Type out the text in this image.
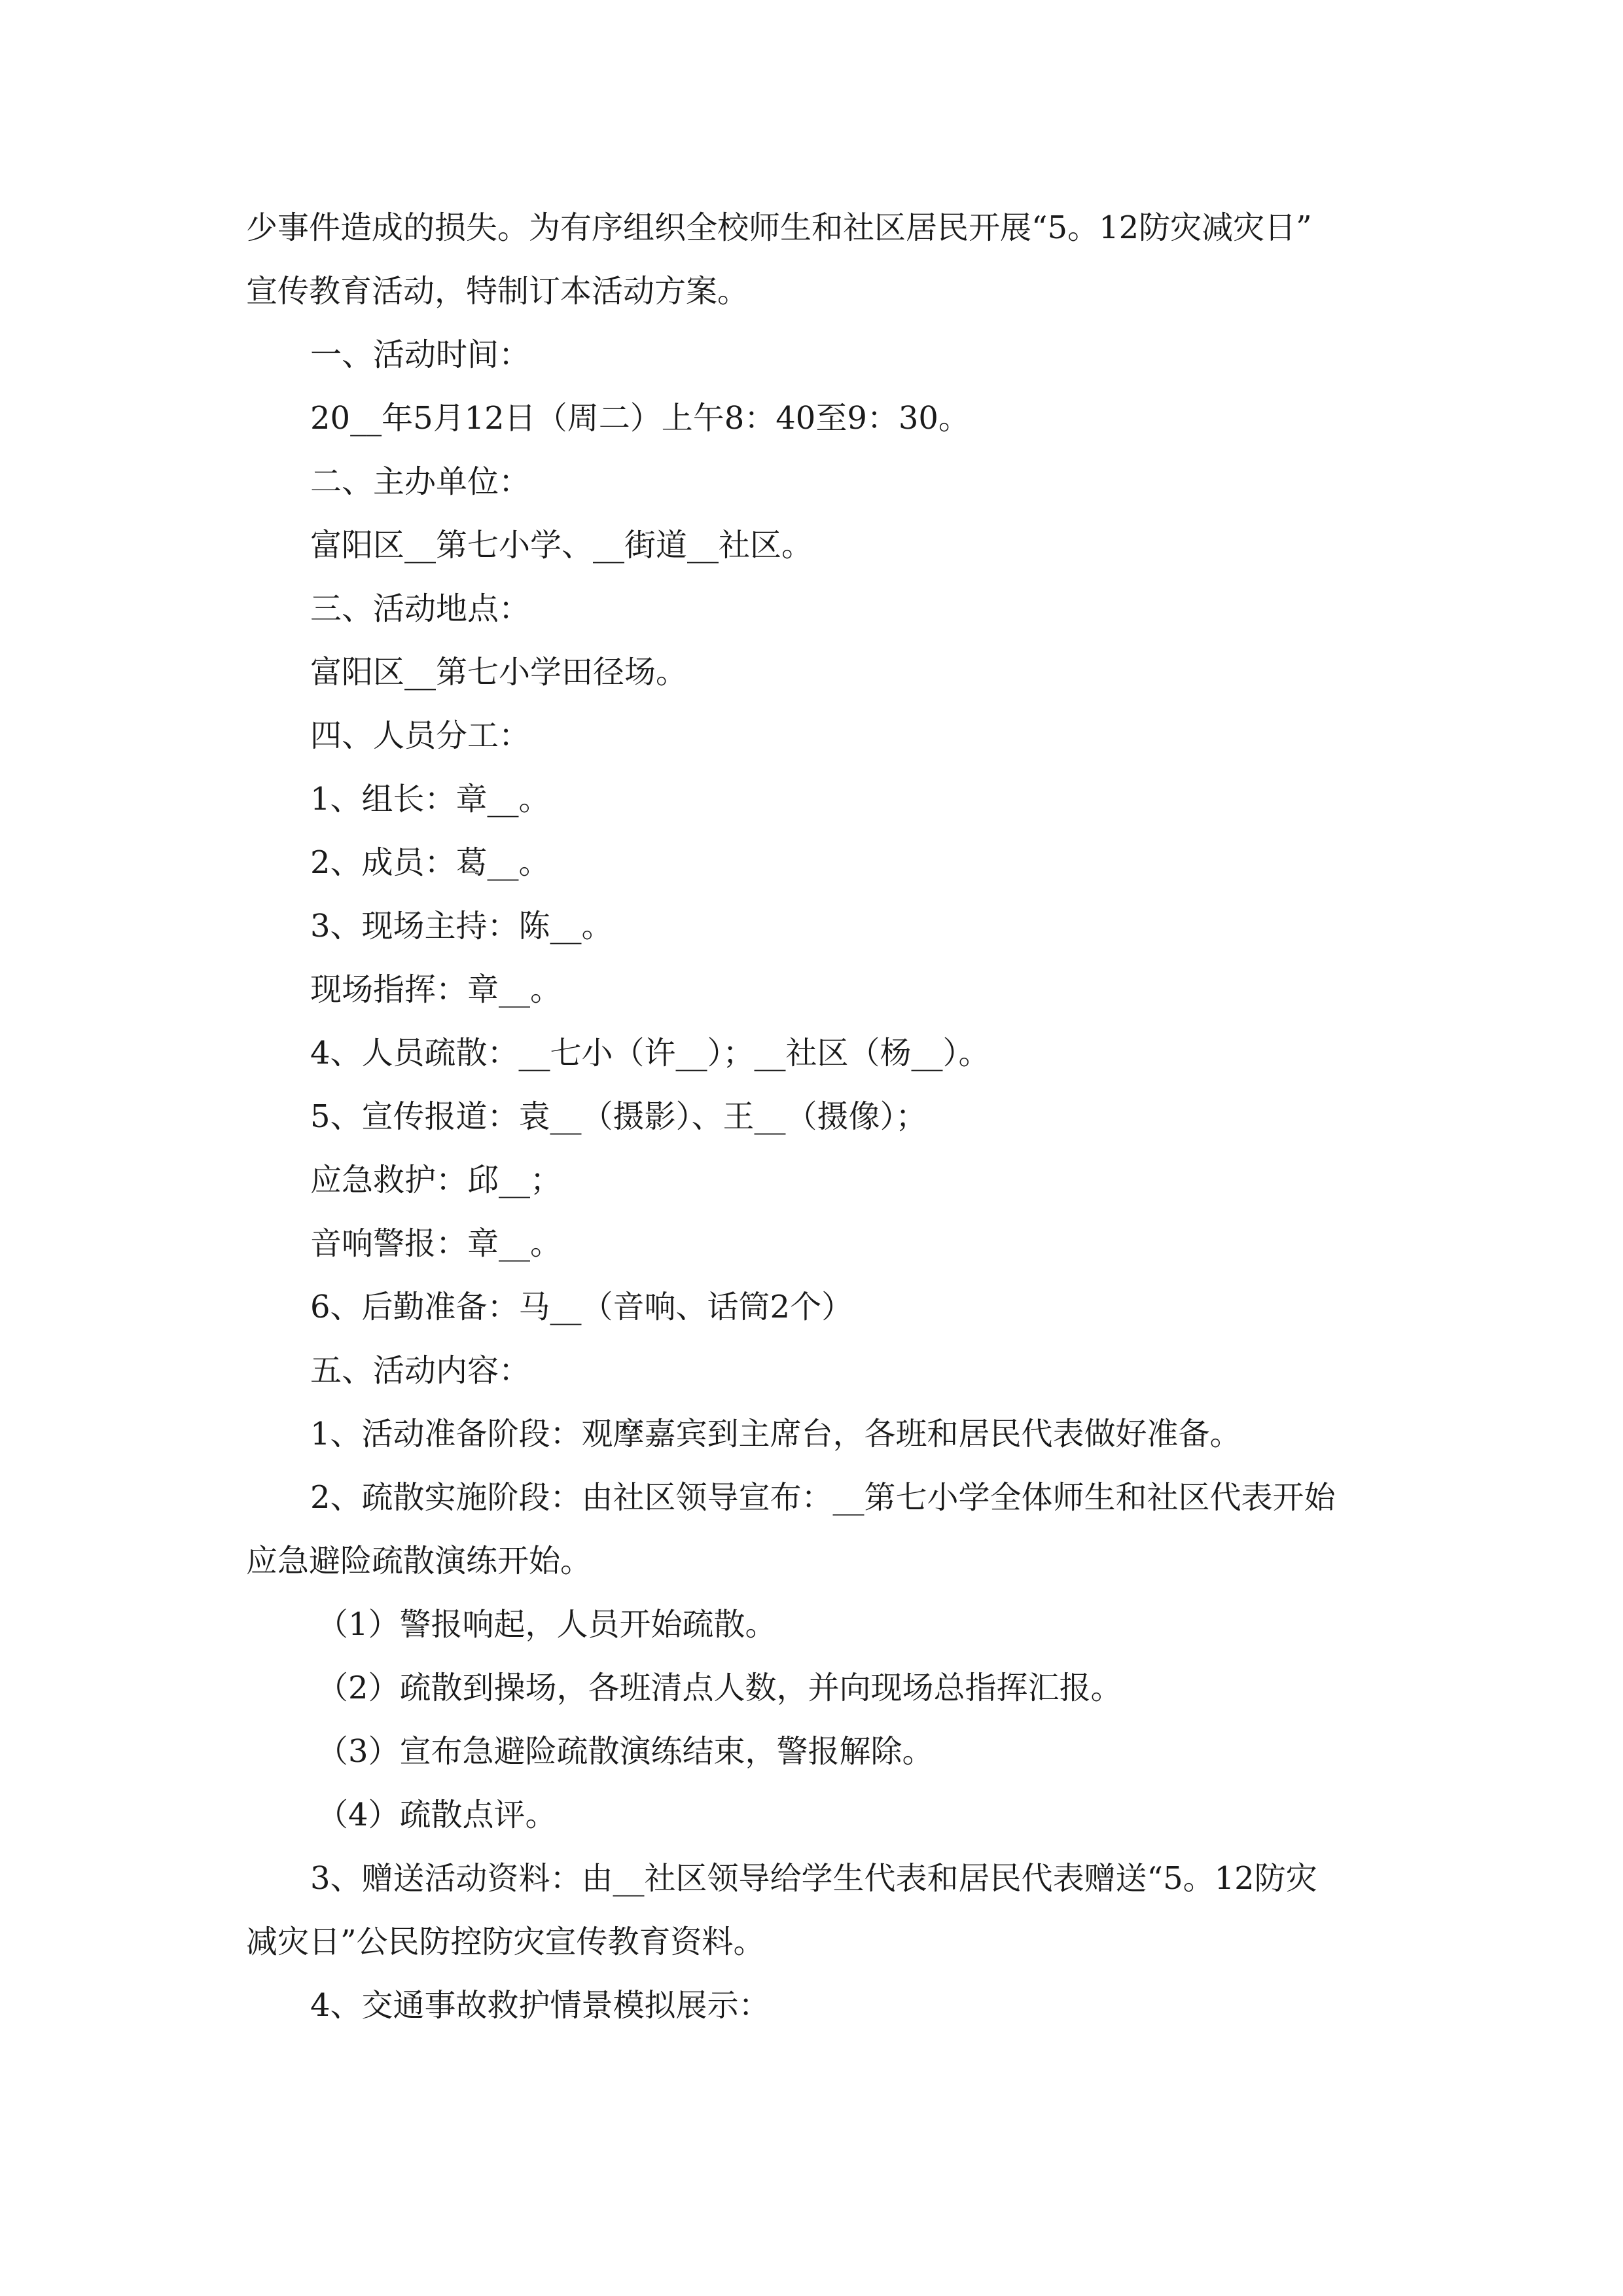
少事件造成的损失。为有序组织全校师生和社区居民开展“5。12防灾减灾日”

宣传教育活动，特制订本活动方案。

一、活动时间：

20__年5月12日（周二）上午8：40至9：30。

二、主办单位：

富阳区__第七小学、__街道__社区。

三、活动地点：

富阳区__第七小学田径场。

四、人员分工：

1、组长：章__。

2、成员：葛__。

3、现场主持：陈__。

现场指挥：章__。

4、人员疏散：__七小（许__）；__社区（杨__）。

5、宣传报道：袁__（摄影）、王__（摄像）；

应急救护：邱__；

音响警报：章__。

6、后勤准备：马__（音响、话筒2个）

五、活动内容：

1、活动准备阶段：观摩嘉宾到主席台，各班和居民代表做好准备。

2、疏散实施阶段：由社区领导宣布：__第七小学全体师生和社区代表开始

应急避险疏散演练开始。

（1）警报响起，人员开始疏散。

（2）疏散到操场，各班清点人数，并向现场总指挥汇报。

（3）宣布急避险疏散演练结束，警报解除。

（4）疏散点评。

3、赠送活动资料：由__社区领导给学生代表和居民代表赠送“5。12防灾

减灾日”公民防控防灾宣传教育资料。

4、交通事故救护情景模拟展示：
